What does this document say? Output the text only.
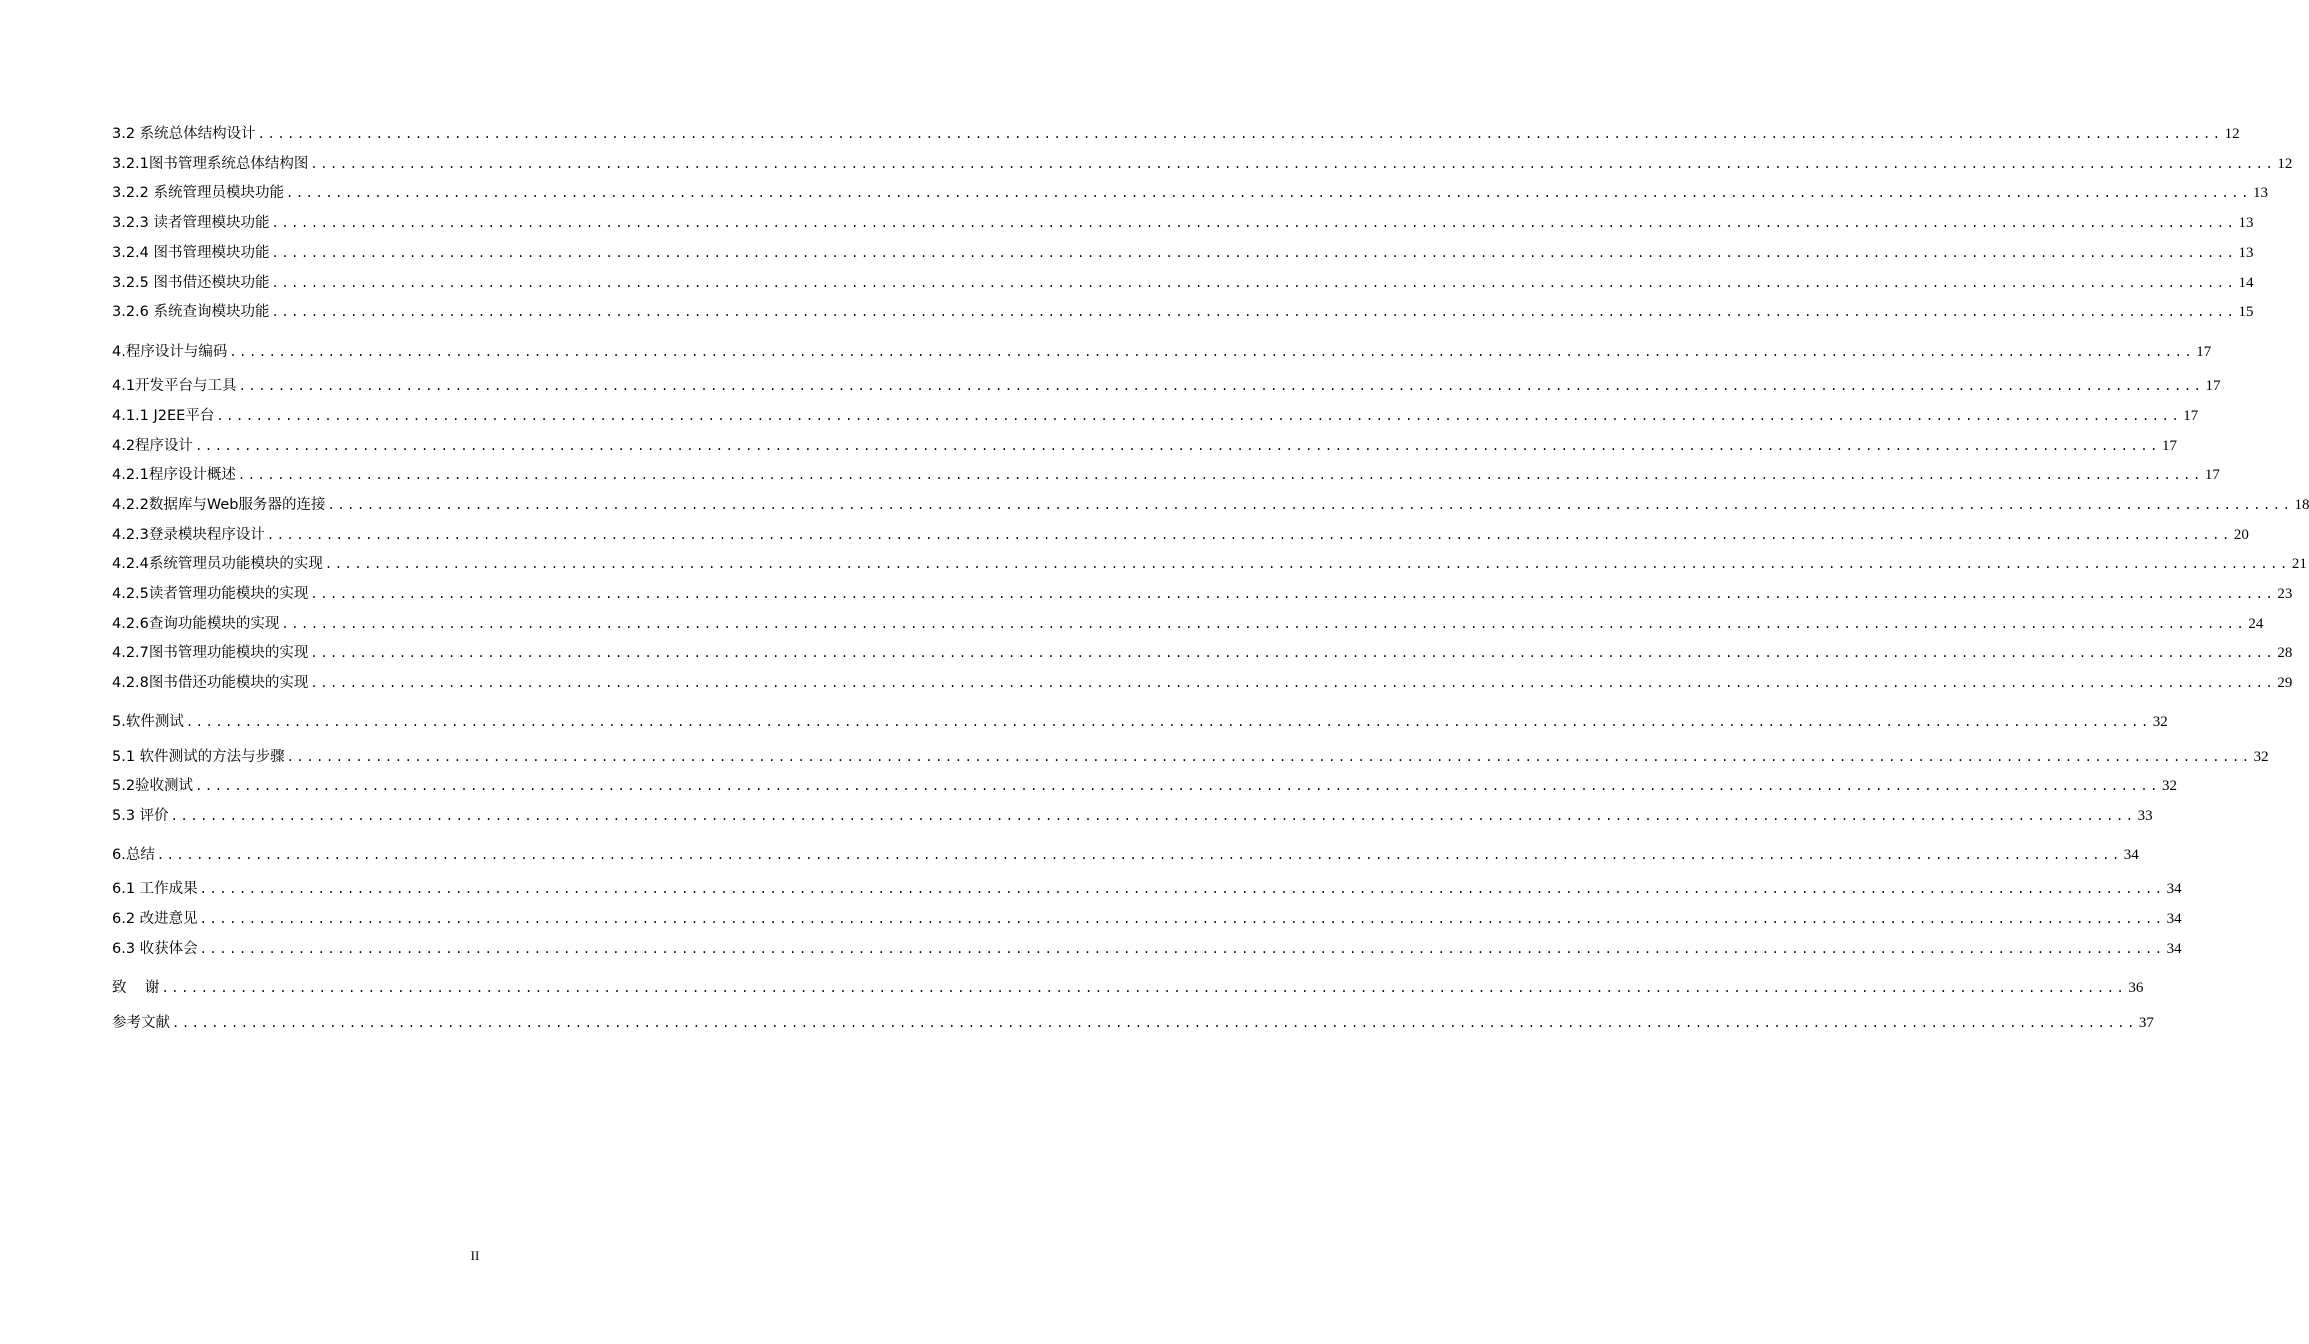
3.2 系统总体结构设计 ........................................................................................................................................................................................................ 12
3.2.1图书管理系统总体结构图 ........................................................................................................................................................................................................ 12
3.2.2 系统管理员模块功能 ........................................................................................................................................................................................................ 13
3.2.3 读者管理模块功能 ........................................................................................................................................................................................................ 13
3.2.4 图书管理模块功能 ........................................................................................................................................................................................................ 13
3.2.5 图书借还模块功能 ........................................................................................................................................................................................................ 14
3.2.6 系统查询模块功能 ........................................................................................................................................................................................................ 15
4.程序设计与编码 ........................................................................................................................................................................................................ 17
4.1开发平台与工具 ........................................................................................................................................................................................................ 17
4.1.1 J2EE平台 ........................................................................................................................................................................................................ 17
4.2程序设计 ........................................................................................................................................................................................................ 17
4.2.1程序设计概述 ........................................................................................................................................................................................................ 17
4.2.2数据库与Web服务器的连接 ........................................................................................................................................................................................................ 18
4.2.3登录模块程序设计 ........................................................................................................................................................................................................ 20
4.2.4系统管理员功能模块的实现 ........................................................................................................................................................................................................ 21
4.2.5读者管理功能模块的实现 ........................................................................................................................................................................................................ 23
4.2.6查询功能模块的实现 ........................................................................................................................................................................................................ 24
4.2.7图书管理功能模块的实现 ........................................................................................................................................................................................................ 28
4.2.8图书借还功能模块的实现 ........................................................................................................................................................................................................ 29
5.软件测试 ........................................................................................................................................................................................................ 32
5.1 软件测试的方法与步骤 ........................................................................................................................................................................................................ 32
5.2验收测试 ........................................................................................................................................................................................................ 32
5.3 评价 ........................................................................................................................................................................................................ 33
6.总结 ........................................................................................................................................................................................................ 34
6.1 工作成果 ........................................................................................................................................................................................................ 34
6.2 改进意见 ........................................................................................................................................................................................................ 34
6.3 收获体会 ........................................................................................................................................................................................................ 34
致    谢 ........................................................................................................................................................................................................ 36
参考文献 ........................................................................................................................................................................................................ 37
II
